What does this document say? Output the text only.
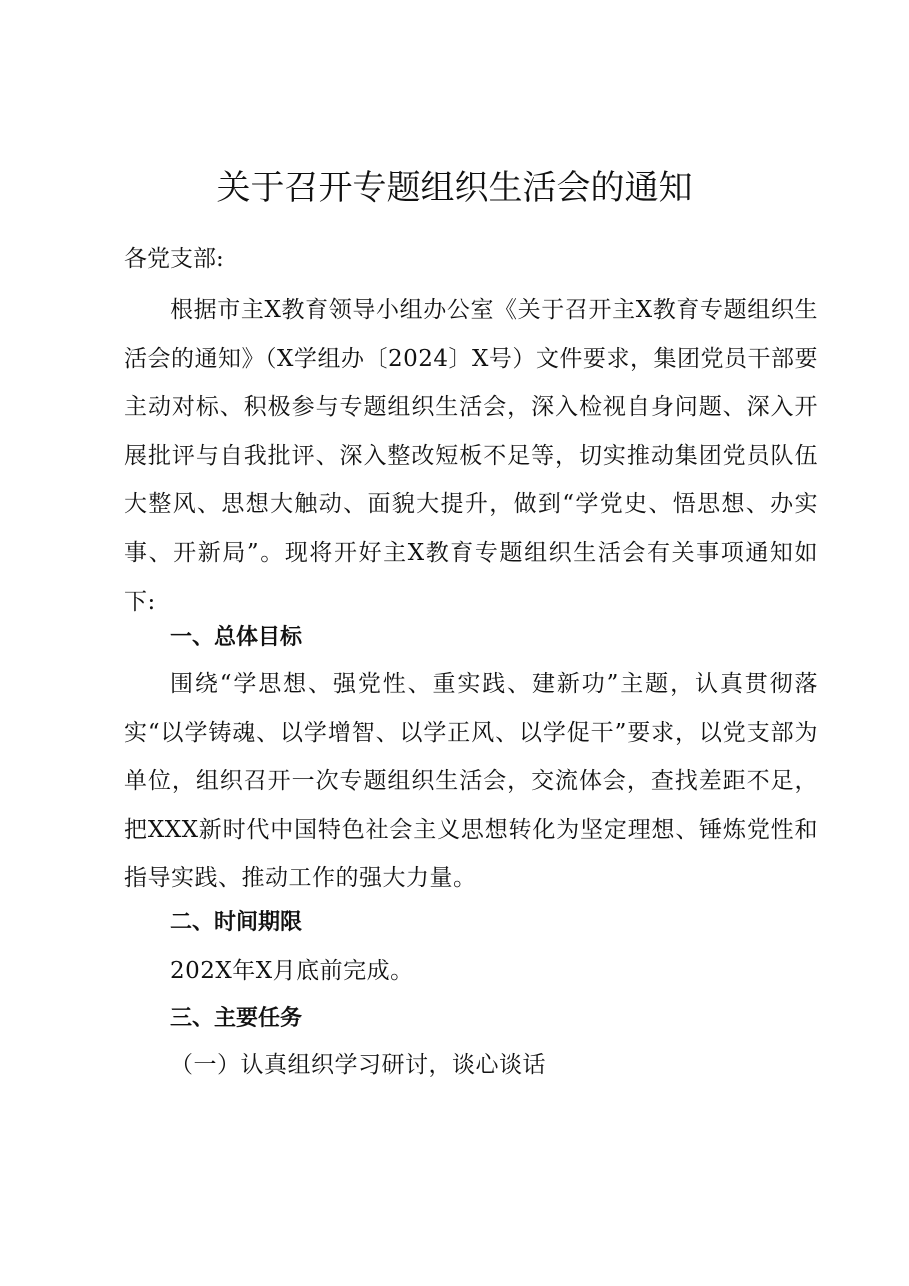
关于召开专题组织生活会的通知

各党支部:

根据市主X教育领导小组办公室《关于召开主X教育专题组织生活会的通知》（X学组办〔2024〕X号）文件要求，集团党员干部要主动对标、积极参与专题组织生活会，深入检视自身问题、深入开展批评与自我批评、深入整改短板不足等，切实推动集团党员队伍大整风、思想大触动、面貌大提升，做到“学党史、悟思想、办实事、开新局”。现将开好主X教育专题组织生活会有关事项通知如下:

一、总体目标

围绕“学思想、强党性、重实践、建新功”主题，认真贯彻落实“以学铸魂、以学增智、以学正风、以学促干”要求，以党支部为单位，组织召开一次专题组织生活会，交流体会，查找差距不足，把XXX新时代中国特色社会主义思想转化为坚定理想、锤炼党性和指导实践、推动工作的强大力量。

二、时间期限

202X年X月底前完成。

三、主要任务

（一）认真组织学习研讨，谈心谈话
